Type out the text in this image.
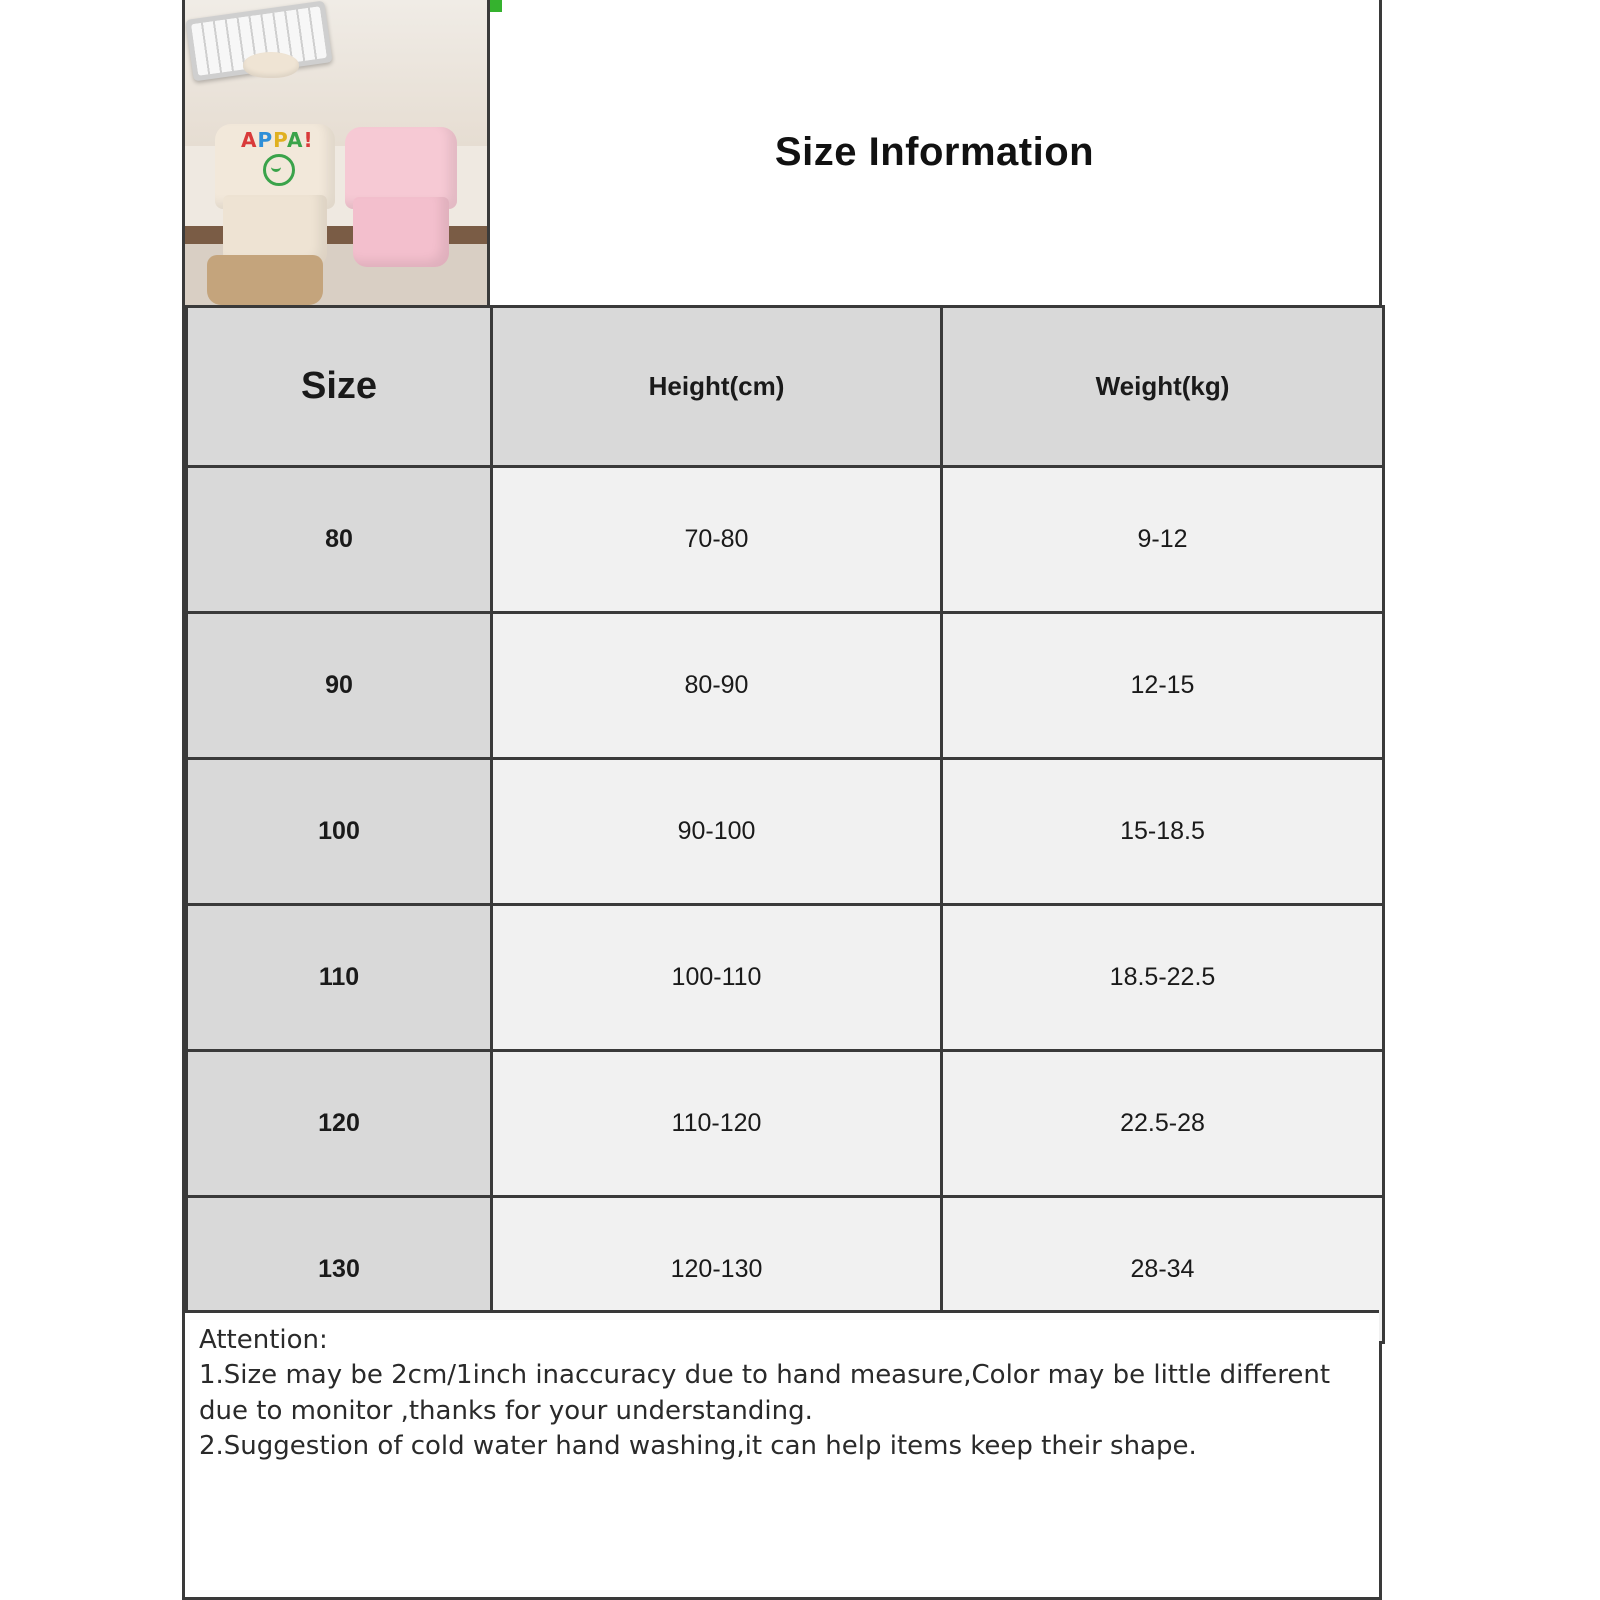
APPA!	Size Information
Size	Height(cm)	Weight(kg)
80	70-80	9-12
90	80-90	12-15
100	90-100	15-18.5
110	100-110	18.5-22.5
120	110-120	22.5-28
130	120-130	28-34

Attention:

1.Size may be 2cm/1inch inaccuracy due to hand measure,Color may be little different due to monitor ,thanks for your understanding.

2.Suggestion of cold water hand washing,it can help items keep their shape.
